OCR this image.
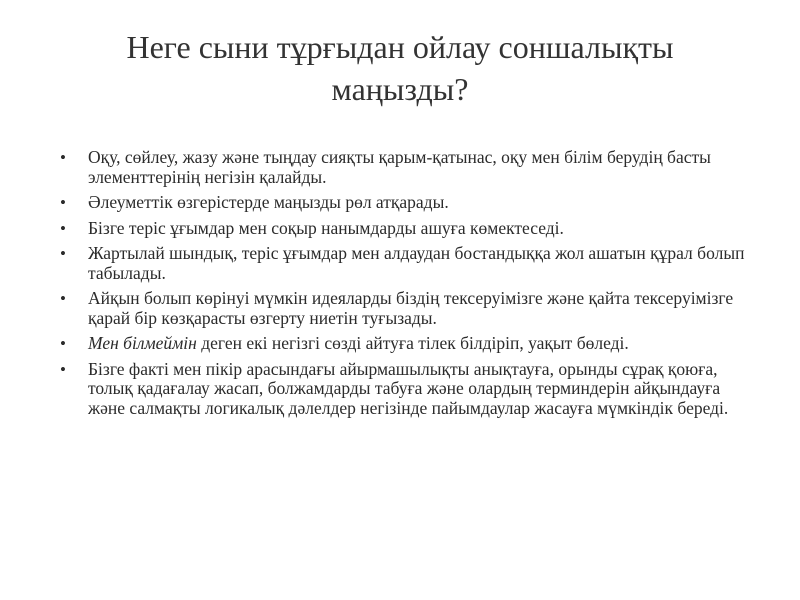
Неге сыни тұрғыдан ойлау соншалықты
маңызды?
• Оқу, сөйлеу, жазу және тыңдау сияқты қарым-қатынас, оқу мен білім берудің басты элементтерінің негізін қалайды.
• Әлеуметтік өзгерістерде маңызды рөл атқарады.
• Бізге теріс ұғымдар мен соқыр нанымдарды ашуға көмектеседі.
• Жартылай шындық, теріс ұғымдар мен алдаудан бостандыққа жол ашатын құрал болып табылады.
• Айқын болып көрінуі мүмкін идеяларды біздің тексеруімізге және қайта тексеруімізге қарай бір көзқарасты өзгерту ниетін туғызады.
• Мен білмеймін деген екі негізгі сөзді айтуға тілек білдіріп, уақыт бөледі.
• Бізге факті мен пікір арасындағы айырмашылықты анықтауға, орынды сұрақ қоюға, толық қадағалау жасап, болжамдарды табуға және олардың терминдерін айқындауға және салмақты логикалық дәлелдер негізінде пайымдаулар жасауға мүмкіндік береді.
